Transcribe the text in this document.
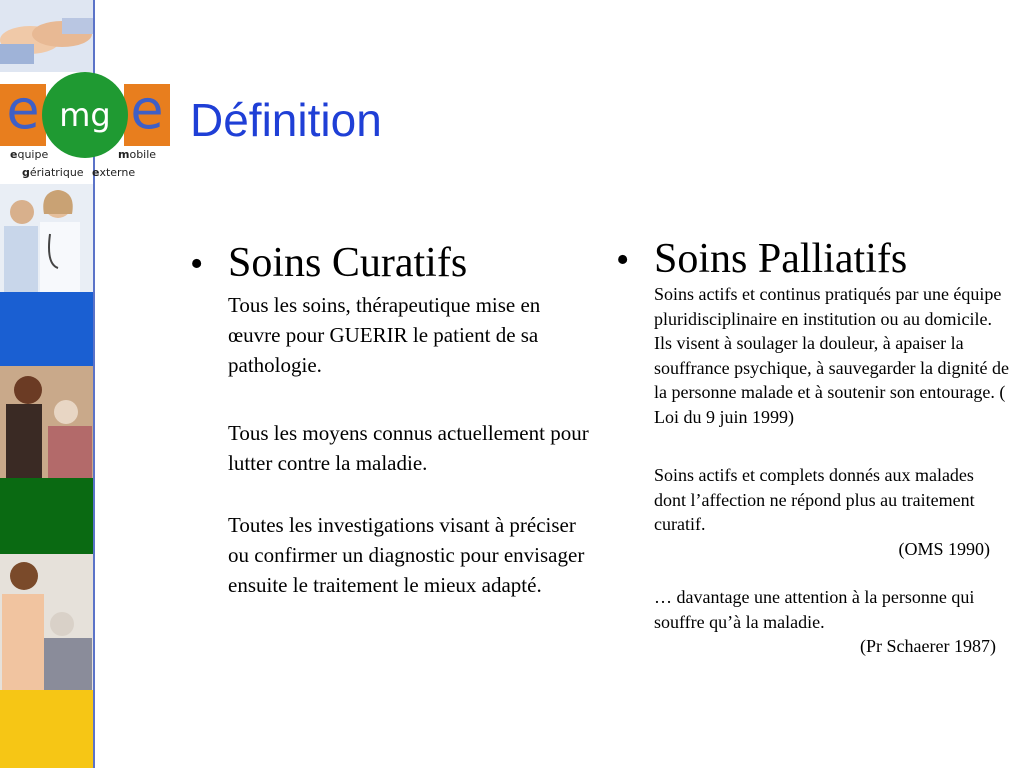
e e
mg
equipe	mobile
gériatrique externe
Définition
• Soins Curatifs

Tous les soins, thérapeutique mise en œuvre pour GUERIR le patient de sa pathologie.

Tous les moyens connus actuellement pour lutter contre la maladie.

Toutes les investigations visant à préciser ou confirmer un diagnostic pour envisager ensuite le traitement le mieux adapté.

• Soins Palliatifs

Soins actifs et continus pratiqués par une équipe pluridisciplinaire en institution ou au domicile. Ils visent à soulager la douleur, à apaiser la souffrance psychique, à sauvegarder la dignité de la personne malade et à soutenir son entourage. ( Loi du 9 juin 1999)

Soins actifs et complets donnés aux malades dont l’affection ne répond plus au traitement curatif.

(OMS 1990)

… davantage une attention à la personne qui souffre qu’à la maladie.

(Pr Schaerer 1987)
